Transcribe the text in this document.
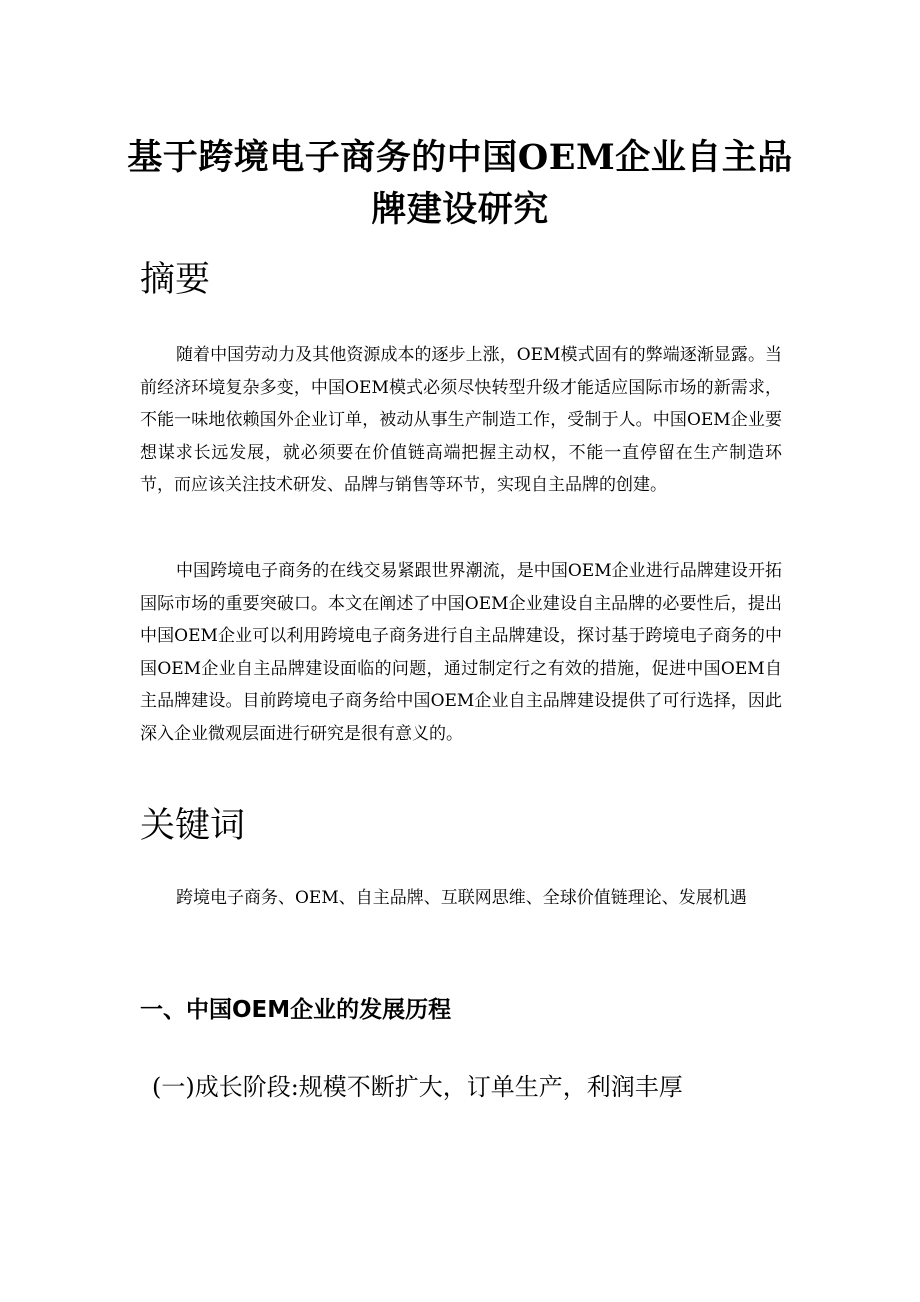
基于跨境电子商务的中国OEM企业自主品牌建设研究
摘要

随着中国劳动力及其他资源成本的逐步上涨，OEM模式固有的弊端逐渐显露。当前经济环境复杂多变，中国OEM模式必须尽快转型升级才能适应国际市场的新需求，不能一味地依赖国外企业订单，被动从事生产制造工作，受制于人。中国OEM企业要想谋求长远发展，就必须要在价值链高端把握主动权，不能一直停留在生产制造环节，而应该关注技术研发、品牌与销售等环节，实现自主品牌的创建。

中国跨境电子商务的在线交易紧跟世界潮流，是中国OEM企业进行品牌建设开拓国际市场的重要突破口。本文在阐述了中国OEM企业建设自主品牌的必要性后，提出中国OEM企业可以利用跨境电子商务进行自主品牌建设，探讨基于跨境电子商务的中国OEM企业自主品牌建设面临的问题，通过制定行之有效的措施，促进中国OEM自主品牌建设。目前跨境电子商务给中国OEM企业自主品牌建设提供了可行选择，因此深入企业微观层面进行研究是很有意义的。

关键词

跨境电子商务、OEM、自主品牌、互联网思维、全球价值链理论、发展机遇

一、中国OEM企业的发展历程
(一)成长阶段:规模不断扩大，订单生产，利润丰厚
